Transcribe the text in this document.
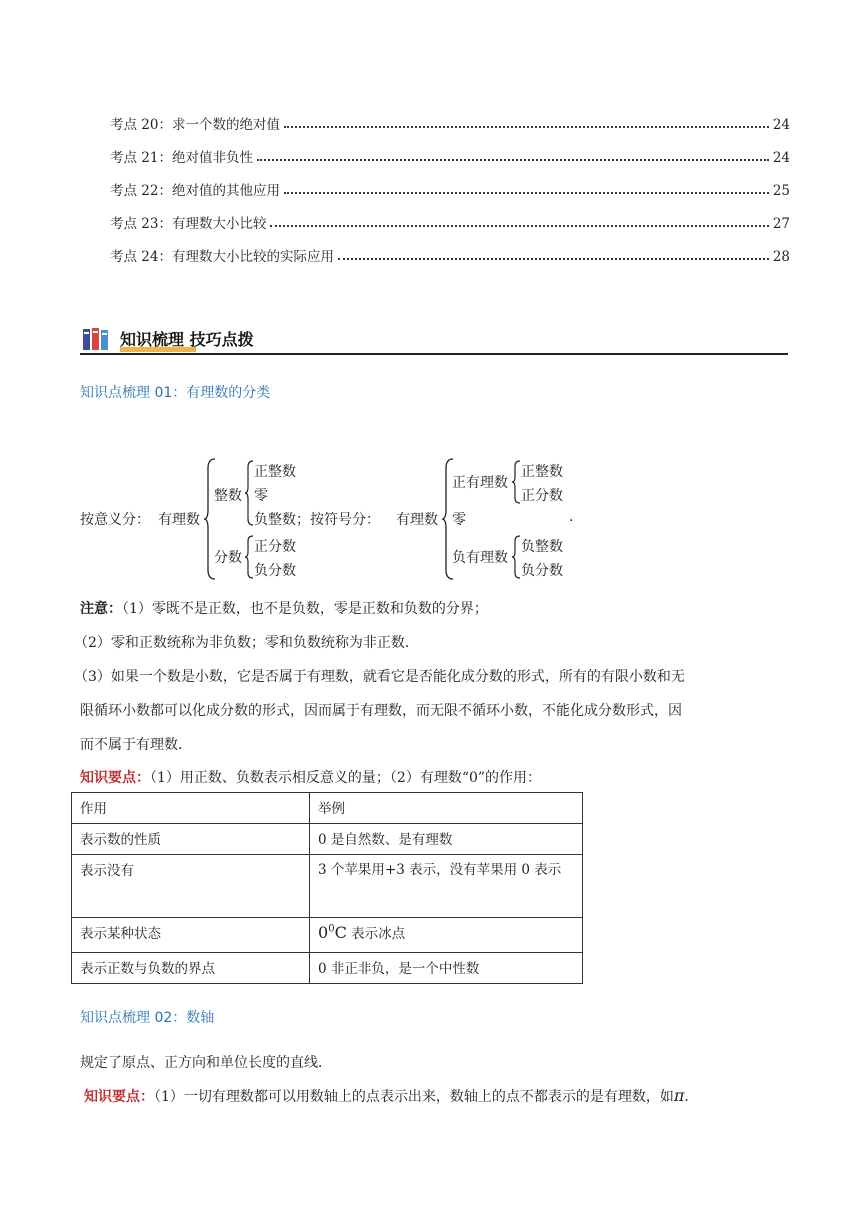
考点 20：求一个数的绝对值	24
考点 21：绝对值非负性	24
考点 22：绝对值的其他应用	25
考点 23：有理数大小比较	27
考点 24：有理数大小比较的实际应用	28
知识梳理 技巧点拨
知识点梳理 01：有理数的分类
按意义分： 有理数
整数
正整数
零
负整数 ；按符号分： 有理数
分数
正分数
负分数
正有理数
正整数
正分数
零	.
负有理数
负整数
负分数
注意：（1）零既不是正数，也不是负数，零是正数和负数的分界；
（2）零和正数统称为非负数；零和负数统称为非正数．
（3）如果一个数是小数，它是否属于有理数，就看它是否能化成分数的形式，所有的有限小数和无
限循环小数都可以化成分数的形式，因而属于有理数，而无限不循环小数，不能化成分数形式，因
而不属于有理数．
知识要点：（1）用正数、负数表示相反意义的量；（2）有理数“0”的作用：
作用	举例
表示数的性质	0 是自然数、是有理数
表示没有	3 个苹果用+3 表示，没有苹果用 0 表示
表示某种状态	$0^0C$ 表示冰点
表示正数与负数的界点	0 非正非负，是一个中性数
知识点梳理 02：数轴
规定了原点、正方向和单位长度的直线．
知识要点：（1）一切有理数都可以用数轴上的点表示出来，数轴上的点不都表示的是有理数，如π．
